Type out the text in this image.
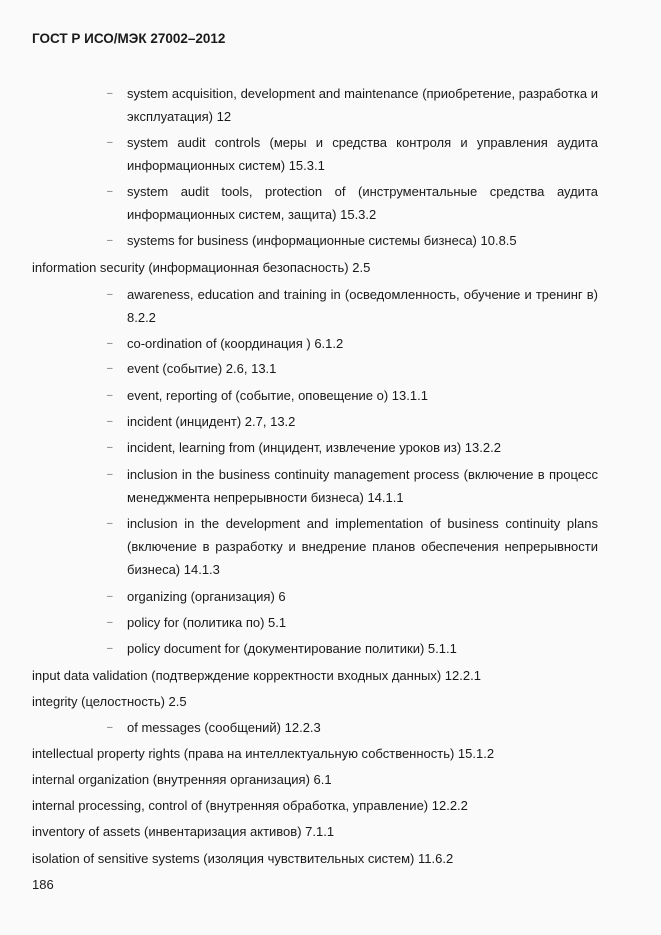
ГОСТ Р ИСО/МЭК 27002–2012
– system acquisition, development and maintenance (приобретение, разработка и эксплуатация) 12
– system audit controls (меры и средства контроля и управления аудита информационных систем) 15.3.1
– system audit tools, protection of (инструментальные средства аудита информационных систем, защита) 15.3.2
– systems for business (информационные системы бизнеса) 10.8.5
information security (информационная безопасность) 2.5
– awareness, education and training in (осведомленность, обучение и тренинг в) 8.2.2
– co-ordination of (координация ) 6.1.2
– event (событие) 2.6, 13.1
– event, reporting of (событие, оповещение о) 13.1.1
– incident (инцидент) 2.7, 13.2
– incident, learning from (инцидент, извлечение уроков из) 13.2.2
– inclusion in the business continuity management process (включение в процесс менеджмента непрерывности бизнеса) 14.1.1
– inclusion in the development and implementation of business continuity plans (включение в разработку и внедрение планов обеспечения непрерывности бизнеса) 14.1.3
– organizing (организация) 6
– policy for (политика по) 5.1
– policy document for (документирование политики) 5.1.1
input data validation (подтверждение корректности входных данных) 12.2.1
integrity (целостность) 2.5
– of messages (сообщений) 12.2.3
intellectual property rights (права на интеллектуальную собственность) 15.1.2
internal organization (внутренняя организация) 6.1
internal processing, control of (внутренняя обработка, управление) 12.2.2
inventory of assets (инвентаризация активов) 7.1.1
isolation of sensitive systems (изоляция чувствительных систем) 11.6.2
186
